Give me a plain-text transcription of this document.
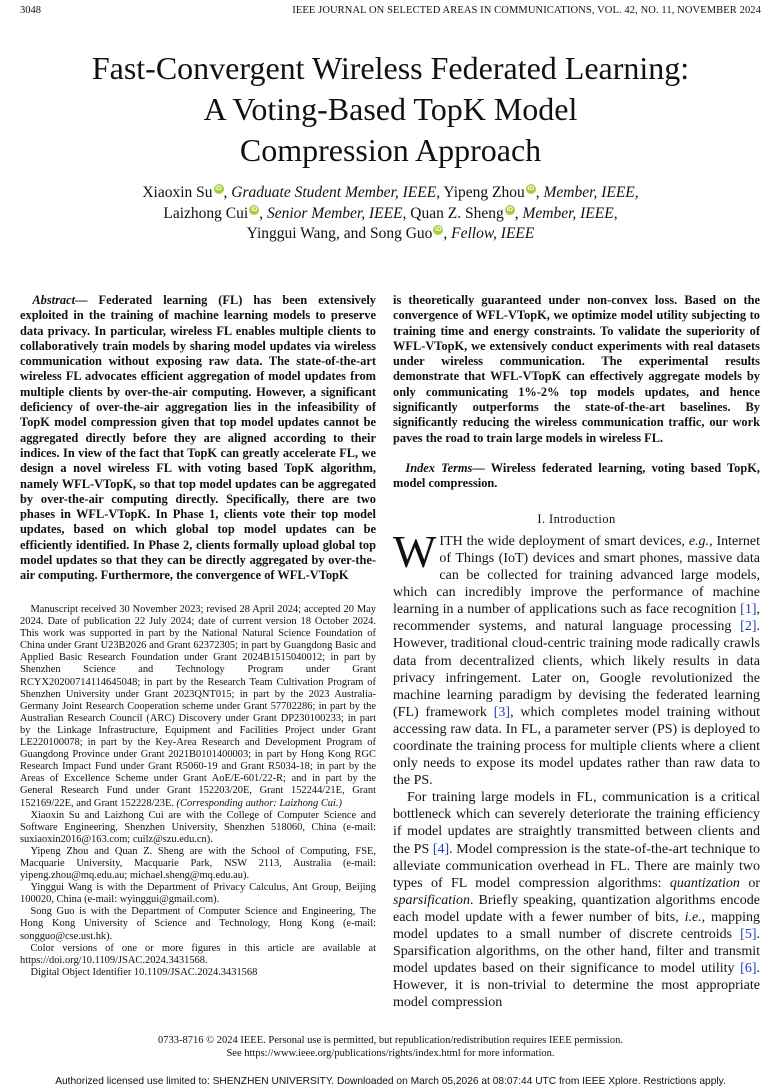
3048	IEEE JOURNAL ON SELECTED AREAS IN COMMUNICATIONS, VOL. 42, NO. 11, NOVEMBER 2024
Fast-Convergent Wireless Federated Learning:
A Voting-Based TopK Model
Compression Approach
Xiaoxin Su iD , Graduate Student Member, IEEE, Yipeng Zhou iD , Member, IEEE,
Laizhong Cui iD , Senior Member, IEEE, Quan Z. Sheng iD , Member, IEEE,
Yinggui Wang, and Song Guo iD , Fellow, IEEE

Abstract— Federated learning (FL) has been extensively exploited in the training of machine learning models to preserve data privacy. In particular, wireless FL enables multiple clients to collaboratively train models by sharing model updates via wireless communication without exposing raw data. The state-of-the-art wireless FL advocates efficient aggregation of model updates from multiple clients by over-the-air computing. However, a significant deficiency of over-the-air aggregation lies in the infeasibility of TopK model compression given that top model updates cannot be aggregated directly before they are aligned according to their indices. In view of the fact that TopK can greatly accelerate FL, we design a novel wireless FL with voting based TopK algorithm, namely WFL-VTopK, so that top model updates can be aggregated by over-the-air computing directly. Specifically, there are two phases in WFL-VTopK. In Phase 1, clients vote their top model updates, based on which global top model updates can be efficiently identified. In Phase 2, clients formally upload global top model updates so that they can be directly aggregated by over-the-air computing. Furthermore, the convergence of WFL-VTopK

Manuscript received 30 November 2023; revised 28 April 2024; accepted 20 May 2024. Date of publication 22 July 2024; date of current version 18 October 2024. This work was supported in part by the National Natural Science Foundation of China under Grant U23B2026 and Grant 62372305; in part by Guangdong Basic and Applied Basic Research Foundation under Grant 2024B1515040012; in part by Shenzhen Science and Technology Program under Grant RCYX20200714114645048; in part by the Research Team Cultivation Program of Shenzhen University under Grant 2023QNT015; in part by the 2023 Australia-Germany Joint Research Cooperation scheme under Grant 57702286; in part by the Australian Research Council (ARC) Discovery under Grant DP230100233; in part by the Linkage Infrastructure, Equipment and Facilities Project under Grant LE220100078; in part by the Key-Area Research and Development Program of Guangdong Province under Grant 2021B0101400003; in part by Hong Kong RGC Research Impact Fund under Grant R5060-19 and Grant R5034-18; in part by the Areas of Excellence Scheme under Grant AoE/E-601/22-R; and in part by the General Research Fund under Grant 152203/20E, Grant 152244/21E, Grant 152169/22E, and Grant 152228/23E. (Corresponding author: Laizhong Cui.)

Xiaoxin Su and Laizhong Cui are with the College of Computer Science and Software Engineering, Shenzhen University, Shenzhen 518060, China (e-mail: suxiaoxin2016@163.com; cuilz@szu.edu.cn).

Yipeng Zhou and Quan Z. Sheng are with the School of Computing, FSE, Macquarie University, Macquarie Park, NSW 2113, Australia (e-mail: yipeng.zhou@mq.edu.au; michael.sheng@mq.edu.au).

Yinggui Wang is with the Department of Privacy Calculus, Ant Group, Beijing 100020, China (e-mail: wyinggui@gmail.com).

Song Guo is with the Department of Computer Science and Engineering, The Hong Kong University of Science and Technology, Hong Kong (e-mail: songguo@cse.ust.hk).

Color versions of one or more figures in this article are available at https://doi.org/10.1109/JSAC.2024.3431568.

Digital Object Identifier 10.1109/JSAC.2024.3431568

is theoretically guaranteed under non-convex loss. Based on the convergence of WFL-VTopK, we optimize model utility subjecting to training time and energy constraints. To validate the superiority of WFL-VTopK, we extensively conduct experiments with real datasets under wireless communication. The experimental results demonstrate that WFL-VTopK can effectively aggregate models by only communicating 1%-2% top models updates, and hence significantly outperforms the state-of-the-art baselines. By significantly reducing the wireless communication traffic, our work paves the road to train large models in wireless FL.

Index Terms— Wireless federated learning, voting based TopK, model compression.

I. Introduction

WITH the wide deployment of smart devices, e.g., Internet of Things (IoT) devices and smart phones, massive data can be collected for training advanced large models, which can incredibly improve the performance of machine learning in a number of applications such as face recognition [1], recommender systems, and natural language processing [2]. However, traditional cloud-centric training mode radically crawls data from decentralized clients, which likely results in data privacy infringement. Later on, Google revolutionized the machine learning paradigm by devising the federated learning (FL) framework [3], which completes model training without accessing raw data. In FL, a parameter server (PS) is deployed to coordinate the training process for multiple clients where a client only needs to expose its model updates rather than raw data to the PS.

For training large models in FL, communication is a critical bottleneck which can severely deteriorate the training efficiency if model updates are straightly transmitted between clients and the PS [4]. Model compression is the state-of-the-art technique to alleviate communication overhead in FL. There are mainly two types of FL model compression algorithms: quantization or sparsification. Briefly speaking, quantization algorithms encode each model update with a fewer number of bits, i.e., mapping model updates to a small number of discrete centroids [5]. Sparsification algorithms, on the other hand, filter and transmit model updates based on their significance to model utility [6]. However, it is non-trivial to determine the most appropriate model compression

0733-8716 © 2024 IEEE. Personal use is permitted, but republication/redistribution requires IEEE permission.
See https://www.ieee.org/publications/rights/index.html for more information.
Authorized licensed use limited to: SHENZHEN UNIVERSITY. Downloaded on March 05,2026 at 08:07:44 UTC from IEEE Xplore. Restrictions apply.
